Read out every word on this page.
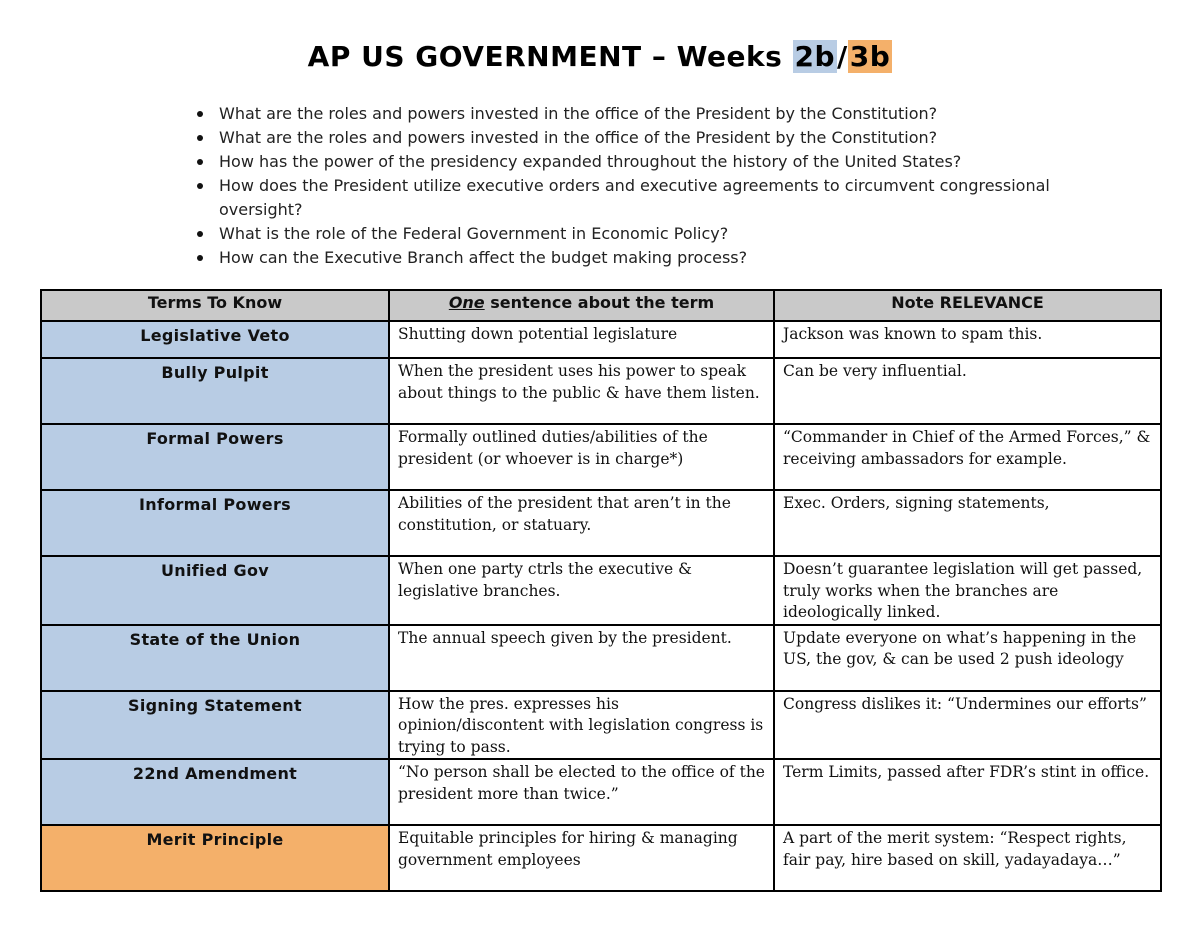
AP US GOVERNMENT – Weeks 2b/3b
What are the roles and powers invested in the office of the President by the Constitution?
What are the roles and powers invested in the office of the President by the Constitution?
How has the power of the presidency expanded throughout the history of the United States?
How does the President utilize executive orders and executive agreements to circumvent congressional oversight?
What is the role of the Federal Government in Economic Policy?
How can the Executive Branch affect the budget making process?
Terms To Know	One sentence about the term	Note RELEVANCE
Legislative Veto	Shutting down potential legislature	Jackson was known to spam this.
Bully Pulpit	When the president uses his power to speak about things to the public & have them listen.	Can be very influential.
Formal Powers	Formally outlined duties/abilities of the president (or whoever is in charge*)	“Commander in Chief of the Armed Forces,” & receiving ambassadors for example.
Informal Powers	Abilities of the president that aren’t in the constitution, or statuary.	Exec. Orders, signing statements,
Unified Gov	When one party ctrls the executive & legislative branches.	Doesn’t guarantee legislation will get passed, truly works when the branches are ideologically linked.
State of the Union	The annual speech given by the president.	Update everyone on what’s happening in the US, the gov, & can be used 2 push ideology
Signing Statement	How the pres. expresses his opinion/discontent with legislation congress is trying to pass.	Congress dislikes it: “Undermines our efforts”
22nd Amendment	“No person shall be elected to the office of the president more than twice.”	Term Limits, passed after FDR’s stint in office.
Merit Principle	Equitable principles for hiring & managing government employees	A part of the merit system: “Respect rights, fair pay, hire based on skill, yadayadaya…”
